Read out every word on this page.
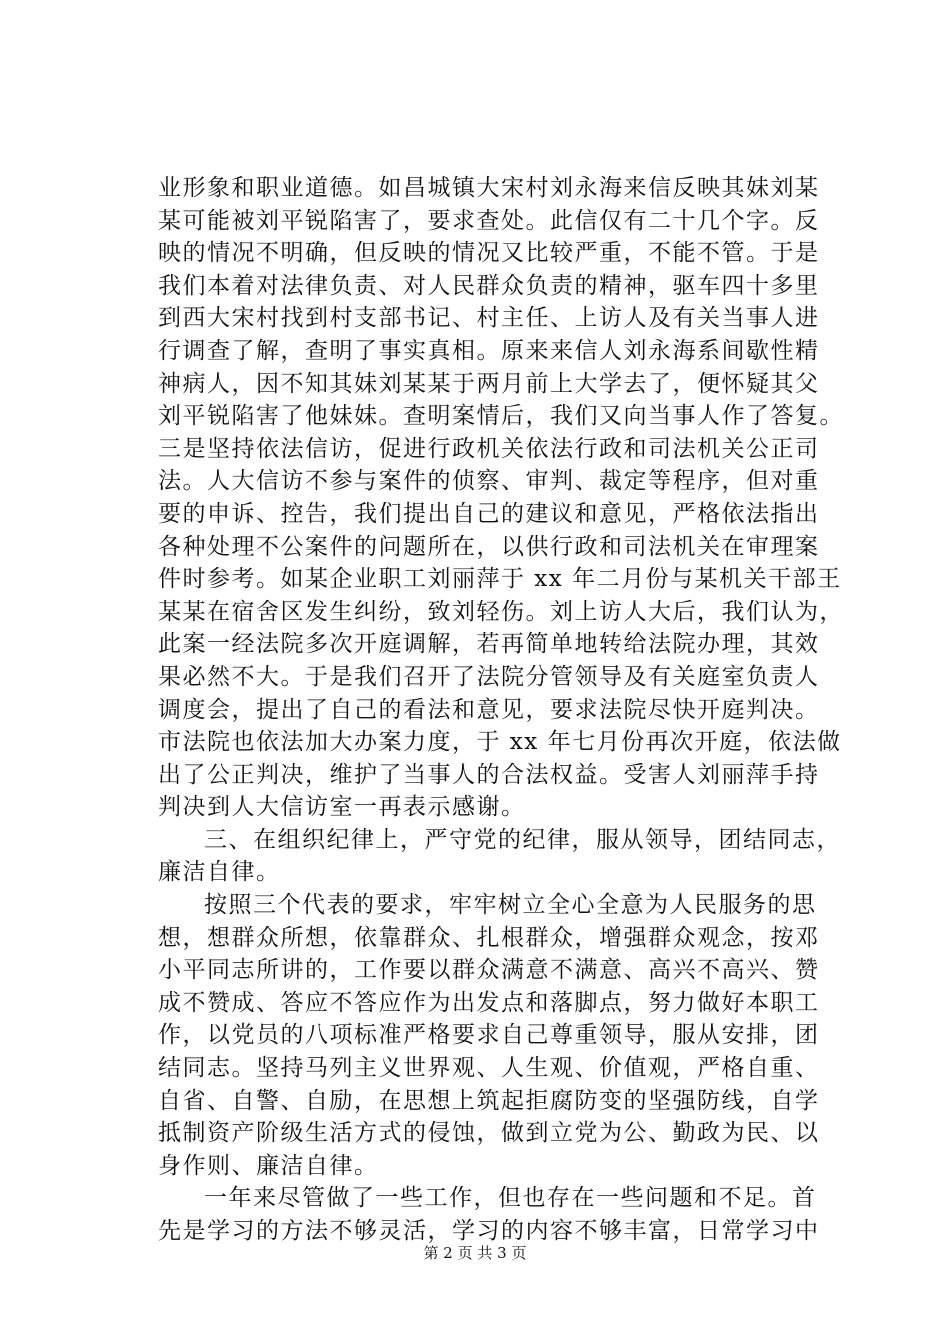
业形象和职业道德。如昌城镇大宋村刘永海来信反映其妹刘某
某可能被刘平锐陷害了，要求查处。此信仅有二十几个字。反
映的情况不明确，但反映的情况又比较严重，不能不管。于是
我们本着对法律负责、对人民群众负责的精神，驱车四十多里
到西大宋村找到村支部书记、村主任、上访人及有关当事人进
行调查了解，查明了事实真相。原来来信人刘永海系间歇性精
神病人，因不知其妹刘某某于两月前上大学去了，便怀疑其父
刘平锐陷害了他妹妹。查明案情后，我们又向当事人作了答复。
三是坚持依法信访，促进行政机关依法行政和司法机关公正司
法。人大信访不参与案件的侦察、审判、裁定等程序，但对重
要的申诉、控告，我们提出自己的建议和意见，严格依法指出
各种处理不公案件的问题所在，以供行政和司法机关在审理案
件时参考。如某企业职工刘丽萍于 xx 年二月份与某机关干部王
某某在宿舍区发生纠纷，致刘轻伤。刘上访人大后，我们认为，
此案一经法院多次开庭调解，若再简单地转给法院办理，其效
果必然不大。于是我们召开了法院分管领导及有关庭室负责人
调度会，提出了自己的看法和意见，要求法院尽快开庭判决。
市法院也依法加大办案力度，于 xx 年七月份再次开庭，依法做
出了公正判决，维护了当事人的合法权益。受害人刘丽萍手持
判决到人大信访室一再表示感谢。
三、在组织纪律上，严守党的纪律，服从领导，团结同志，
廉洁自律。
按照三个代表的要求，牢牢树立全心全意为人民服务的思
想，想群众所想，依靠群众、扎根群众，增强群众观念，按邓
小平同志所讲的，工作要以群众满意不满意、高兴不高兴、赞
成不赞成、答应不答应作为出发点和落脚点，努力做好本职工
作，以党员的八项标准严格要求自己尊重领导，服从安排，团
结同志。坚持马列主义世界观、人生观、价值观，严格自重、
自省、自警、自励，在思想上筑起拒腐防变的坚强防线，自学
抵制资产阶级生活方式的侵蚀，做到立党为公、勤政为民、以
身作则、廉洁自律。
一年来尽管做了一些工作，但也存在一些问题和不足。首
先是学习的方法不够灵活，学习的内容不够丰富，日常学习中
第 2 页 共 3 页
